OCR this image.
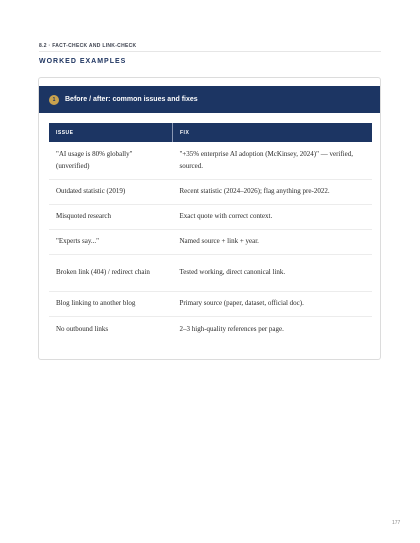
8.2 · FACT-CHECK AND LINK-CHECK
WORKED EXAMPLES
1	Before / after: common issues and fixes
ISSUE	FIX
"AI usage is 80% globally" (unverified)	"+35% enterprise AI adoption (McKinsey, 2024)" — verified, sourced.
Outdated statistic (2019)	Recent statistic (2024–2026); flag anything pre-2022.
Misquoted research	Exact quote with correct context.
"Experts say..."	Named source + link + year.
Broken link (404) / redirect chain	Tested working, direct canonical link.
Blog linking to another blog	Primary source (paper, dataset, official doc).
No outbound links	2–3 high-quality references per page.
177
